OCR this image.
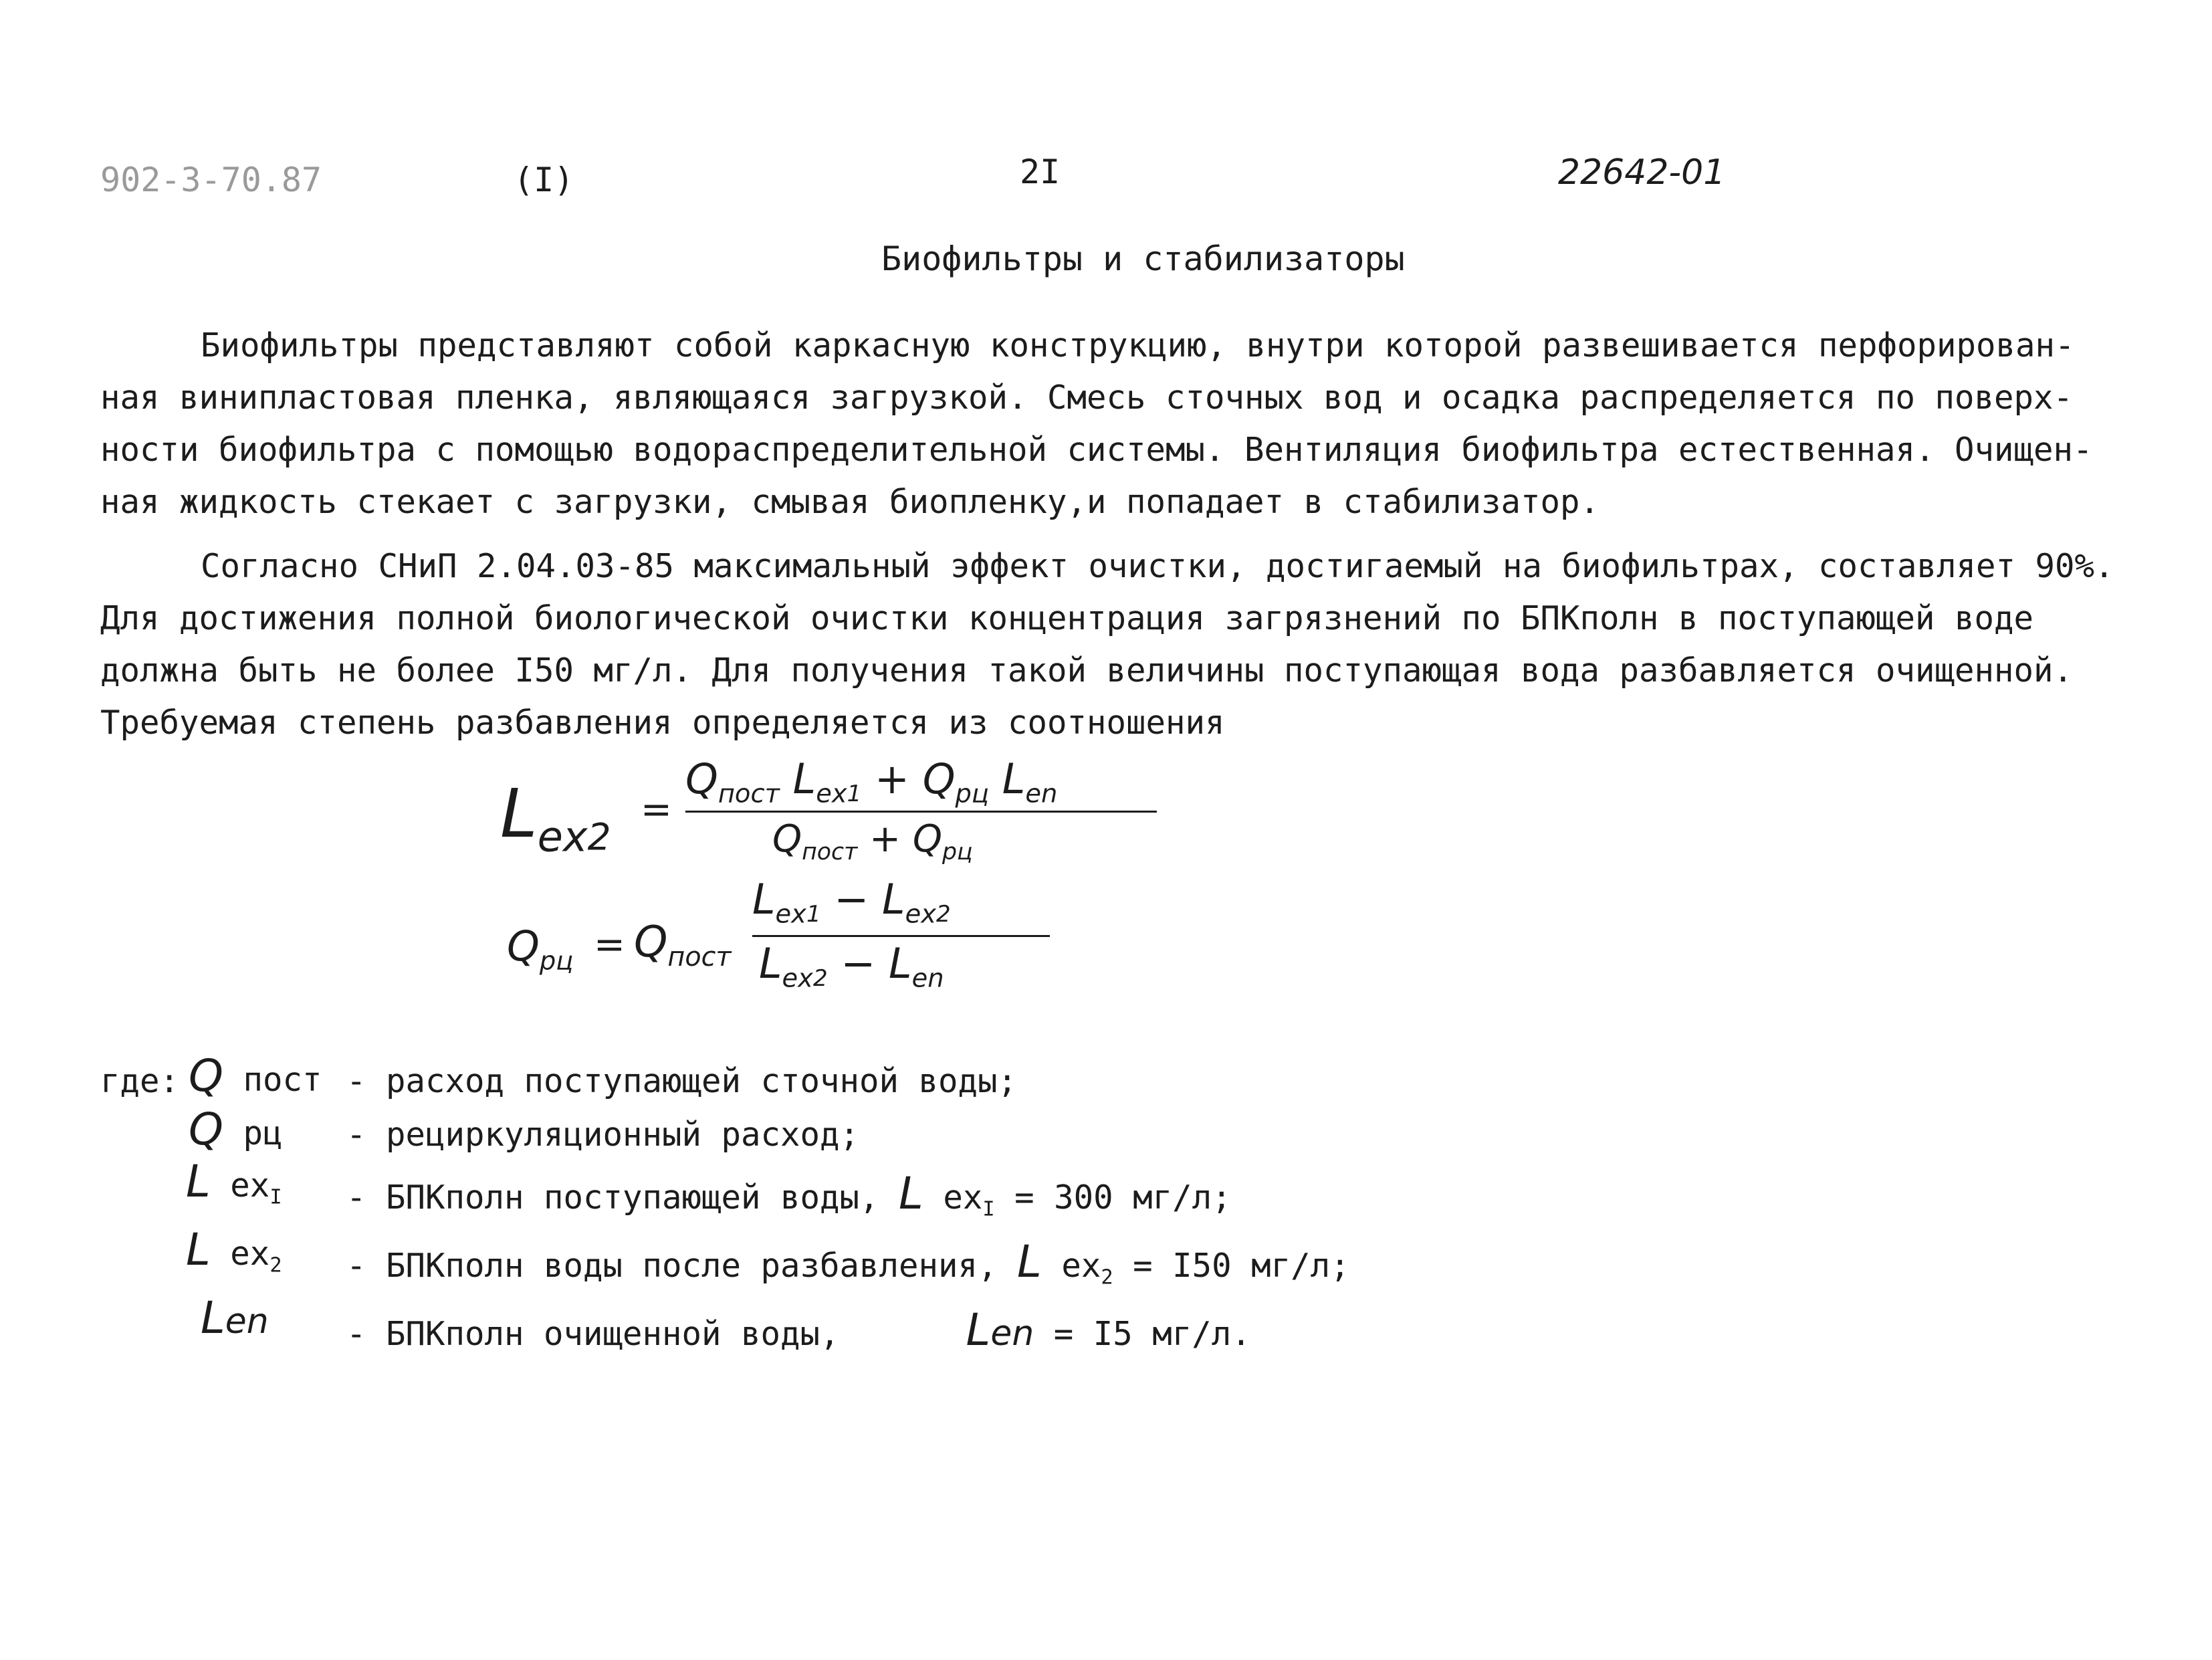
902-3-70.87	(I)	2I	22642-01
Биофильтры и стабилизаторы
Биофильтры представляют собой каркасную конструкцию, внутри которой развешивается перфорирован-
ная винипластовая пленка, являющаяся загрузкой. Смесь сточных вод и осадка распределяется по поверх-
ности биофильтра с помощью водораспределительной системы. Вентиляция биофильтра естественная. Очищен-
ная жидкость стекает с загрузки, смывая биопленку,и попадает в стабилизатор.
Согласно СНиП 2.04.03-85 максимальный эффект очистки, достигаемый на биофильтрах, составляет 90%.
Для достижения полной биологической очистки концентрация загрязнений по БПКполн в поступающей воде
должна быть не более I50 мг/л. Для получения такой величины поступающая вода разбавляется очищенной.
Требуемая степень разбавления определяется из соотношения
$L_{ex}2$
=
$Q_{пост}$ $L_{ex}1 + Q_{рц}$ $L_{en}$
$Q_{пост} + Q_{рц}$
$Q_{рц} = Q_{пост}$
$L_{ex}1 - L_{ex}2$
$L_{ex}2 - L_{en}$
где: Q пост - расход поступающей сточной воды;
Q рц - рециркуляционный расход;
L $ex_I$ - БПКполн поступающей воды, L $ex_I = 300$ мг/л;
L $ex_2$ - БПКполн воды после разбавления, L $ex_2 = I50$ мг/л;
Len - БПКполн очищенной воды,	Len = I5 мг/л.
